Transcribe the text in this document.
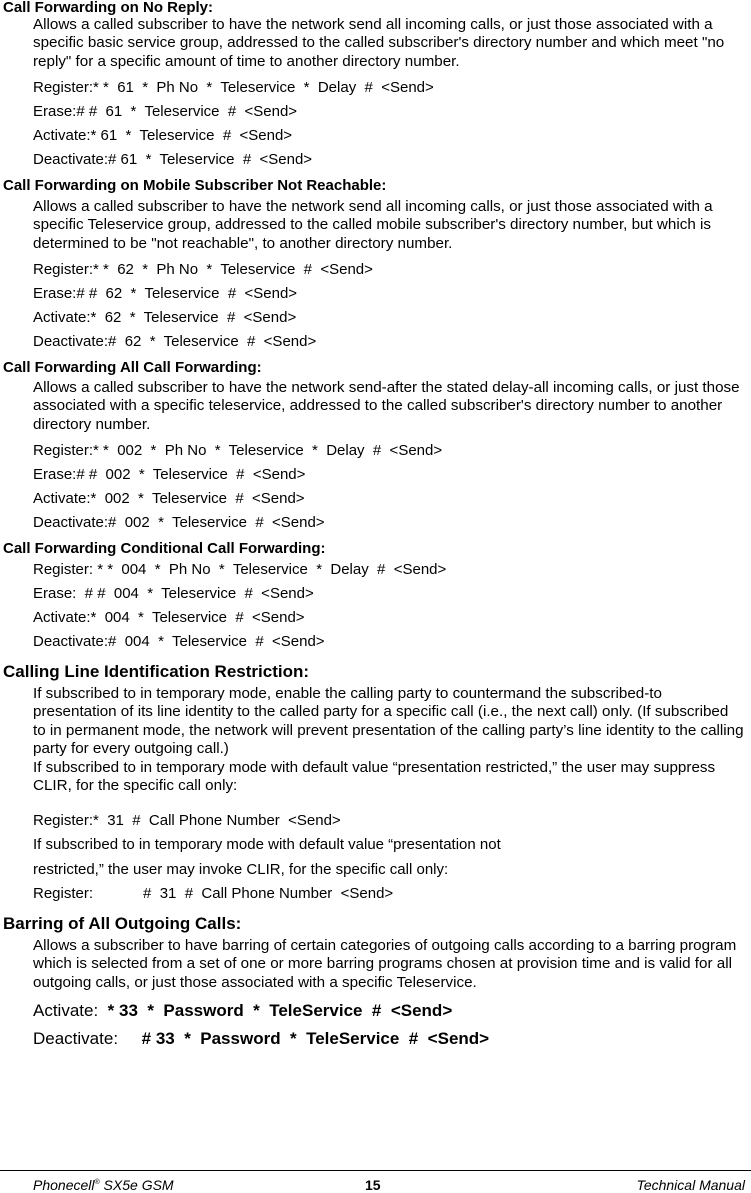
Call Forwarding on No Reply:
Allows a called subscriber to have the network send all incoming calls, or just those associated with a specific basic service group, addressed to the called subscriber's directory number and which meet "no reply" for a specific amount of time to another directory number.
Register:* *  61  *  Ph No  *  Teleservice  *  Delay  #  <Send>
Erase:# #  61  *  Teleservice  #  <Send>
Activate:* 61  *  Teleservice  #  <Send>
Deactivate:# 61  *  Teleservice  #  <Send>
Call Forwarding on Mobile Subscriber Not Reachable:
Allows a called subscriber to have the network send all incoming calls, or just those associated with a specific Teleservice group, addressed to the called mobile subscriber's directory number, but which is determined to be "not reachable", to another directory number.
Register:* *  62  *  Ph No  *  Teleservice  #  <Send>
Erase:# #  62  *  Teleservice  #  <Send>
Activate:*  62  *  Teleservice  #  <Send>
Deactivate:#  62  *  Teleservice  #  <Send>
Call Forwarding All Call Forwarding:
Allows a called subscriber to have the network send-after the stated delay-all incoming calls, or just those associated with a specific teleservice, addressed to the called subscriber's directory number to another directory number.
Register:* *  002  *  Ph No  *  Teleservice  *  Delay  #  <Send>
Erase:# #  002  *  Teleservice  #  <Send>
Activate:*  002  *  Teleservice  #  <Send>
Deactivate:#  002  *  Teleservice  #  <Send>
Call Forwarding Conditional Call Forwarding:
Register: * *  004  *  Ph No  *  Teleservice  *  Delay  #  <Send>
Erase:  # #  004  *  Teleservice  #  <Send>
Activate:*  004  *  Teleservice  #  <Send>
Deactivate:#  004  *  Teleservice  #  <Send>
Calling Line Identification Restriction:
If subscribed to in temporary mode, enable the calling party to countermand the subscribed-to presentation of its line identity to the called party for a specific call (i.e., the next call) only. (If subscribed to in permanent mode, the network will prevent presentation of the calling party’s line identity to the calling party for every outgoing call.)
If subscribed to in temporary mode with default value “presentation restricted,” the user may suppress CLIR, for the specific call only:
Register:*  31  #  Call Phone Number  <Send>
If subscribed to in temporary mode with default value “presentation not
restricted,” the user may invoke CLIR, for the specific call only:
Register:            #  31  #  Call Phone Number  <Send>
Barring of All Outgoing Calls:
Allows a subscriber to have barring of certain categories of outgoing calls according to a barring program which is selected from a set of one or more barring programs chosen at provision time and is valid for all outgoing calls, or just those associated with a specific Teleservice.
Activate: * 33  *  Password  *  TeleService  #  <Send>
Deactivate: # 33  *  Password  *  TeleService  #  <Send>
Phonecell® SX5e GSM	15	Technical Manual
